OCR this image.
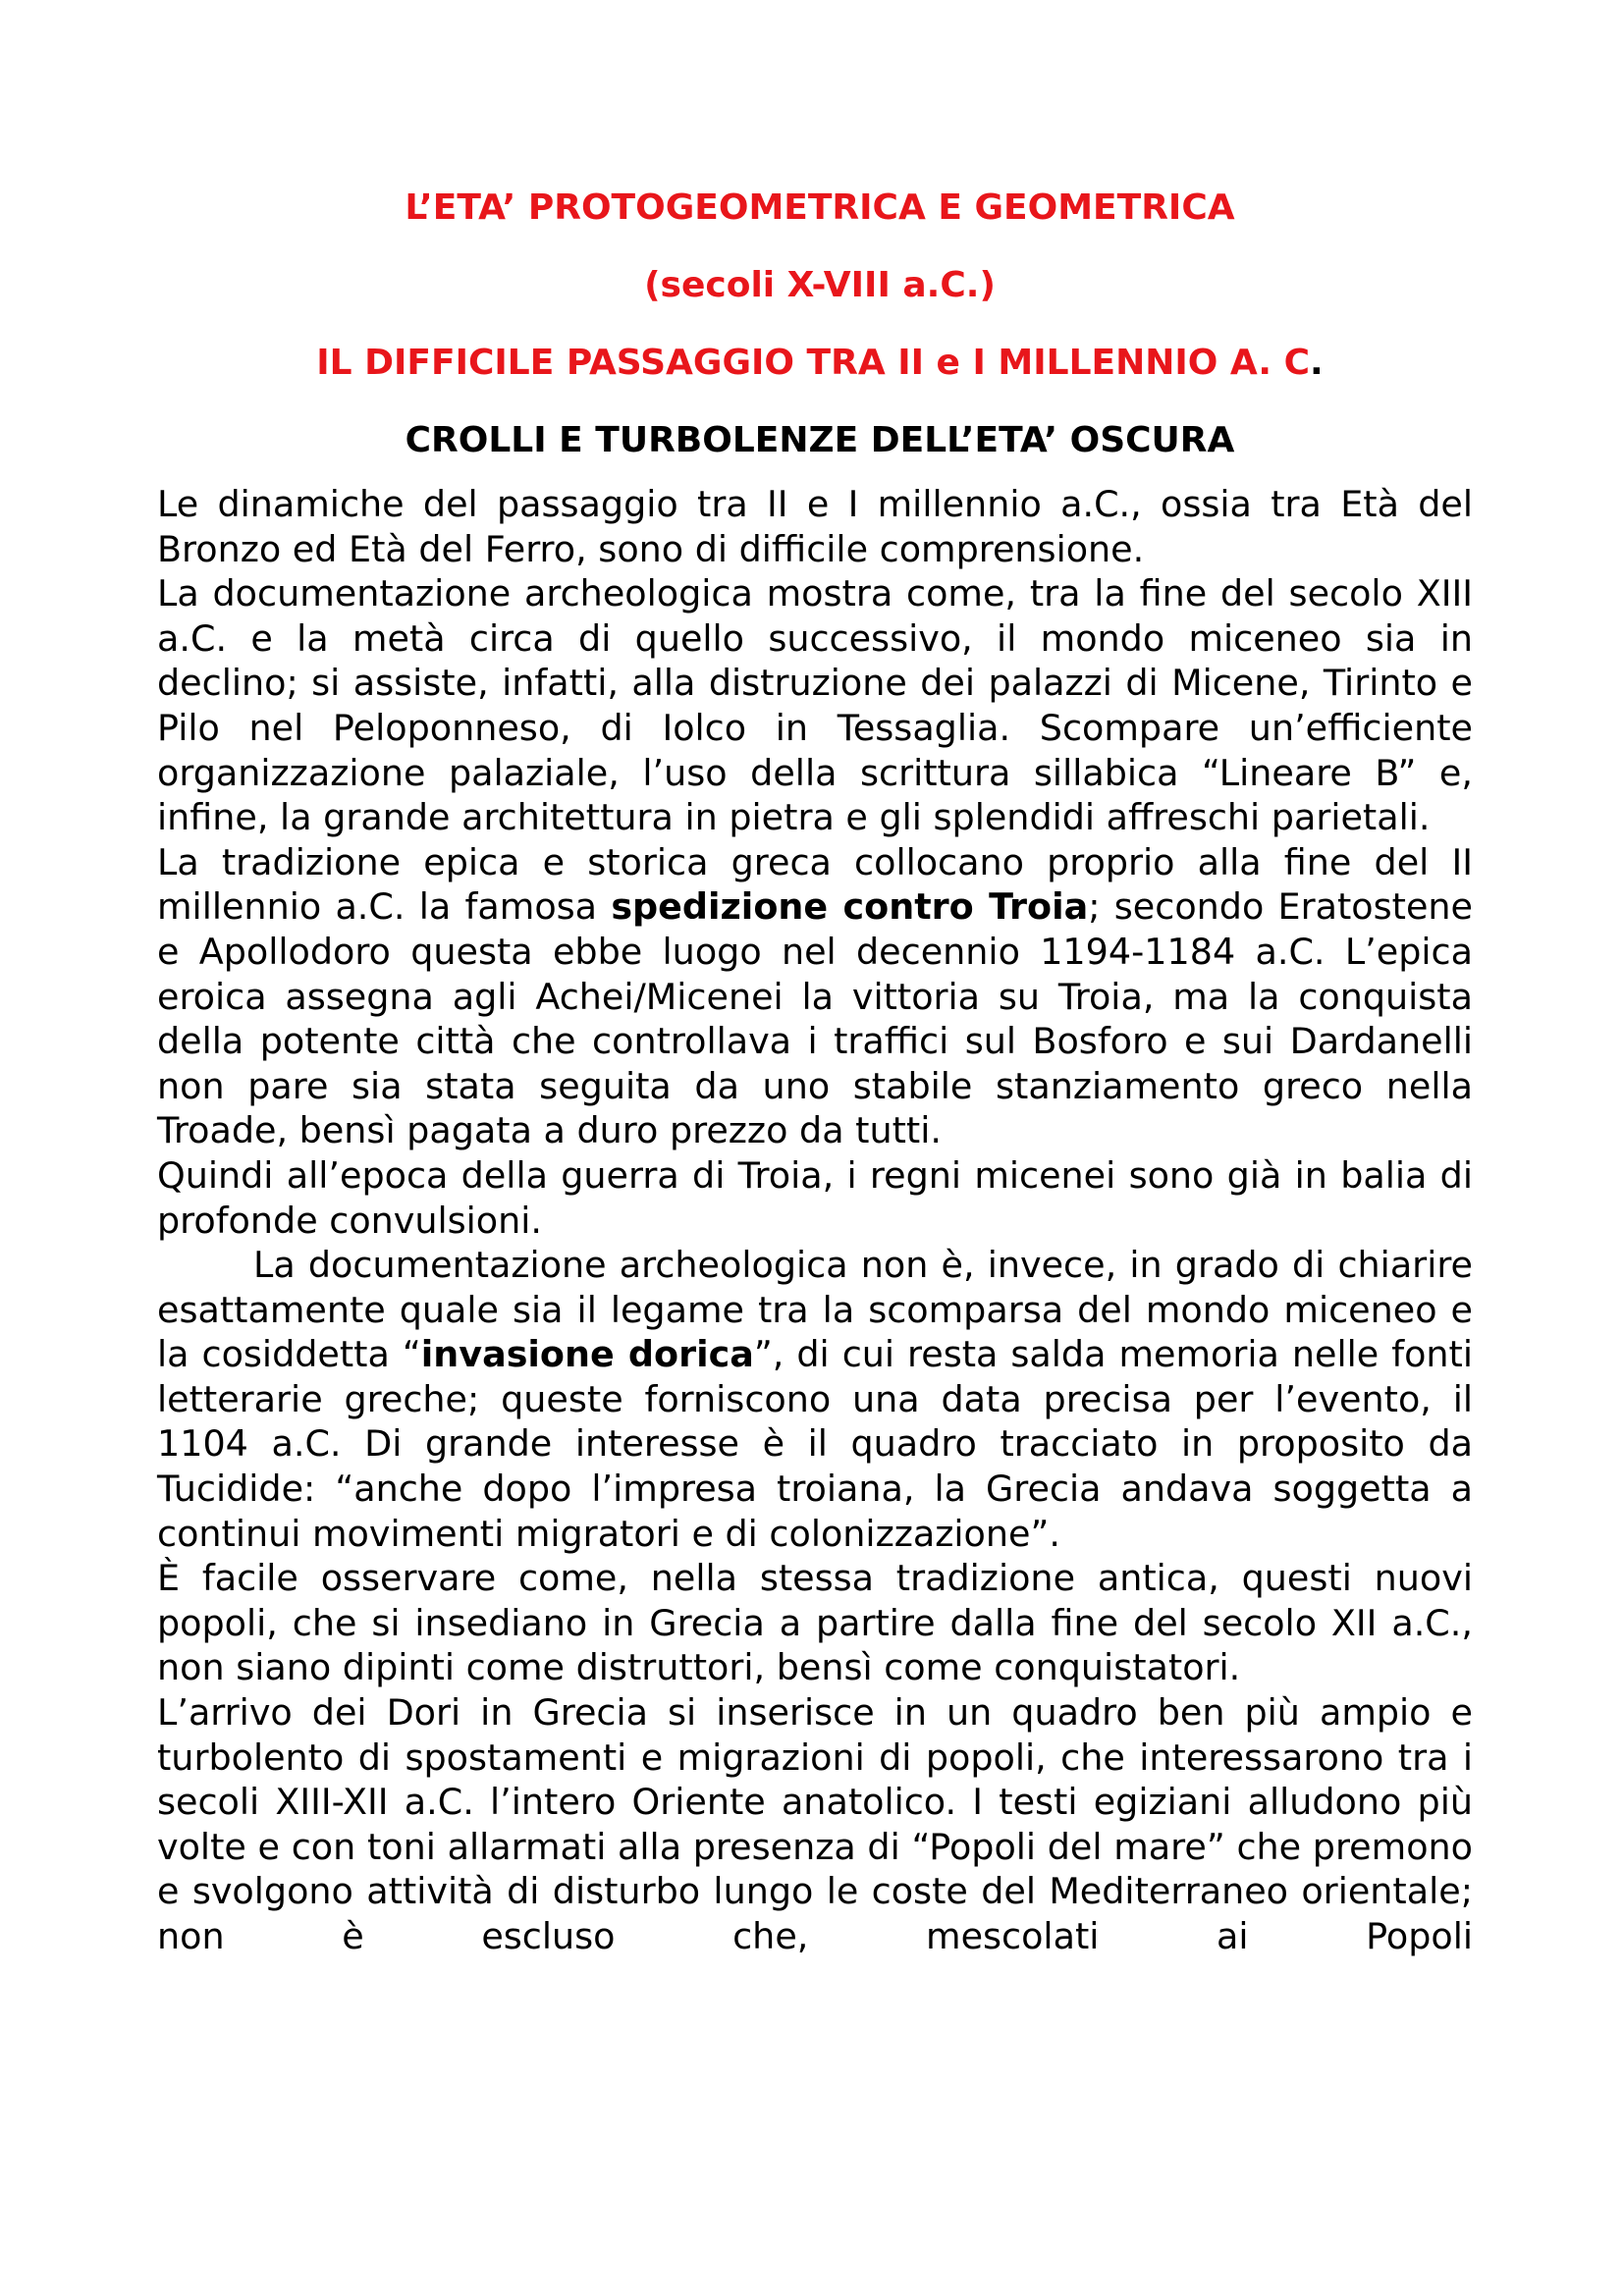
L’ETA’ PROTOGEOMETRICA E GEOMETRICA
(secoli X-VIII a.C.)
IL DIFFICILE PASSAGGIO TRA II e I MILLENNIO A. C.
CROLLI E TURBOLENZE DELL’ETA’ OSCURA

Le dinamiche del passaggio tra II e I millennio a.C., ossia tra Età del Bronzo ed Età del Ferro, sono di difficile comprensione.

La documentazione archeologica mostra come, tra la fine del secolo XIII a.C. e la metà circa di quello successivo, il mondo miceneo sia in declino; si assiste, infatti, alla distruzione dei palazzi di Micene, Tirinto e Pilo nel Peloponneso, di Iolco in Tessaglia. Scompare un’efficiente organizzazione palaziale, l’uso della scrittura sillabica “Lineare B” e, infine, la grande architettura in pietra e gli splendidi affreschi parietali.

La tradizione epica e storica greca collocano proprio alla fine del II millennio a.C. la famosa spedizione contro Troia; secondo Eratostene e Apollodoro questa ebbe luogo nel decennio 1194-1184 a.C. L’epica eroica assegna agli Achei/Micenei la vittoria su Troia, ma la conquista della potente città che controllava i traffici sul Bosforo e sui Dardanelli non pare sia stata seguita da uno stabile stanziamento greco nella Troade, bensì pagata a duro prezzo da tutti.

Quindi all’epoca della guerra di Troia, i regni micenei sono già in balia di profonde convulsioni.

La documentazione archeologica non è, invece, in grado di chiarire esattamente quale sia il legame tra la scomparsa del mondo miceneo e la cosiddetta “invasione dorica”, di cui resta salda memoria nelle fonti letterarie greche; queste forniscono una data precisa per l’evento, il 1104 a.C. Di grande interesse è il quadro tracciato in proposito da Tucidide: “anche dopo l’impresa troiana, la Grecia andava soggetta a continui movimenti migratori e di colonizzazione”.

È facile osservare come, nella stessa tradizione antica, questi nuovi popoli, che si insediano in Grecia a partire dalla fine del secolo XII a.C., non siano dipinti come distruttori, bensì come conquistatori.

L’arrivo dei Dori in Grecia si inserisce in un quadro ben più ampio e turbolento di spostamenti e migrazioni di popoli, che interessarono tra i secoli XIII-XII a.C. l’intero Oriente anatolico. I testi egiziani alludono più volte e con toni allarmati alla presenza di “Popoli del mare” che premono e svolgono attività di disturbo lungo le coste del Mediterraneo orientale; non è escluso che, mescolati ai Popoli
